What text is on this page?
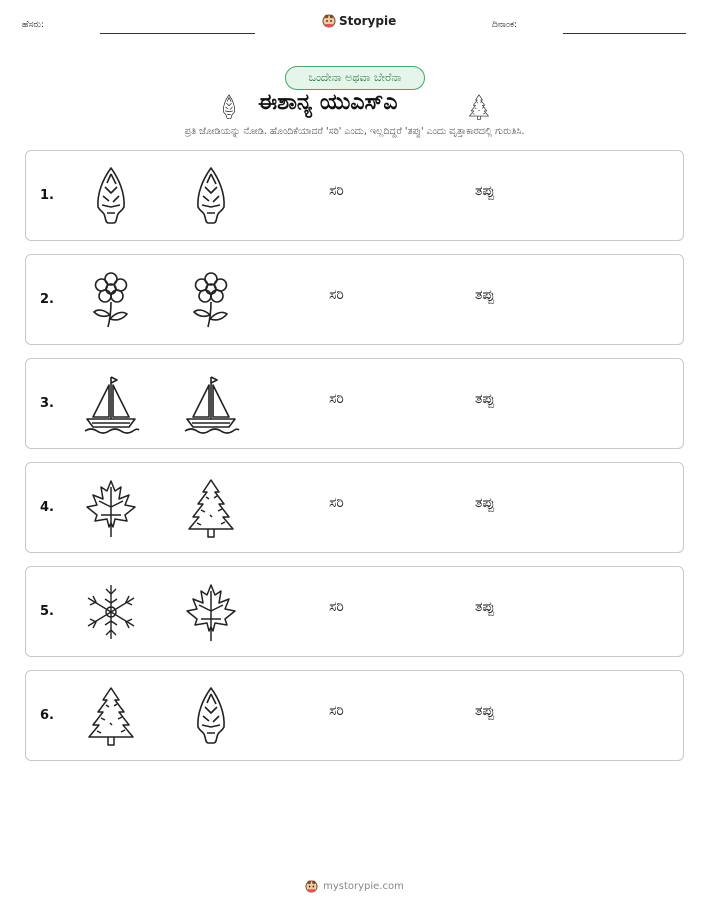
ಹೆಸರು:	Storypie	ದಿನಾಂಕ:
ಒಂದೇನಾ ಅಥವಾ ಬೇರೆನಾ
ಈಶಾನ್ಯ ಯುಎಸ್ಎ
ಪ್ರತಿ ಜೋಡಿಯನ್ನು ನೋಡಿ. ಹೊಂದಿಕೆಯಾದರೆ 'ಸರಿ' ಎಂದು, ಇಲ್ಲದಿದ್ದರೆ 'ತಪ್ಪು' ಎಂದು ವೃತ್ತಾಕಾರದಲ್ಲಿ ಗುರುತಿಸಿ.
1.	ಸರಿ	ತಪ್ಪು
2.	ಸರಿ	ತಪ್ಪು
3.	ಸರಿ	ತಪ್ಪು
4.	ಸರಿ	ತಪ್ಪು
5.	ಸರಿ	ತಪ್ಪು
6.	ಸರಿ	ತಪ್ಪು
mystorypie.com
